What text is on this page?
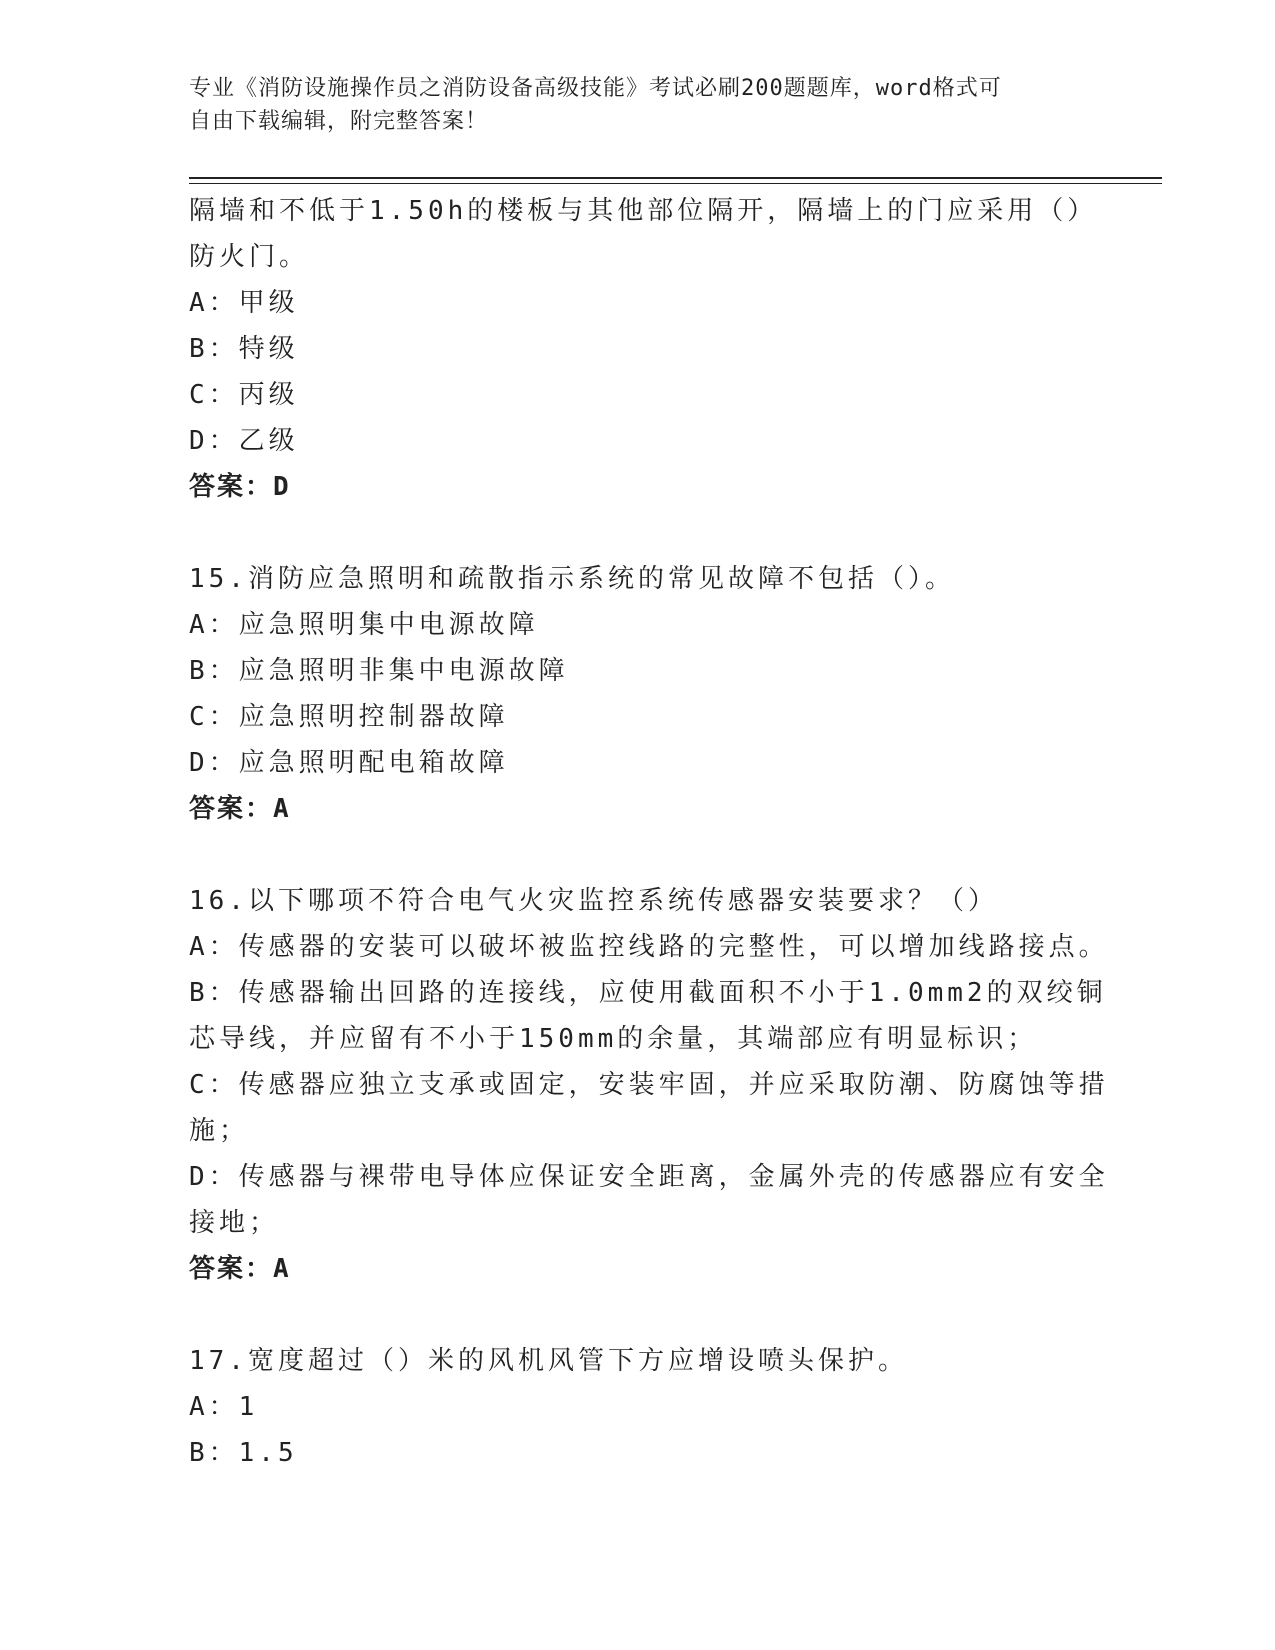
专业《消防设施操作员之消防设备高级技能》考试必刷200题题库，word格式可
自由下载编辑，附完整答案！
隔墙和不低于1.50h的楼板与其他部位隔开，隔墙上的门应采用（）
防火门。
A：甲级
B：特级
C：丙级
D：乙级
答案：D
15.消防应急照明和疏散指示系统的常见故障不包括（）。
A：应急照明集中电源故障
B：应急照明非集中电源故障
C：应急照明控制器故障
D：应急照明配电箱故障
答案：A
16.以下哪项不符合电气火灾监控系统传感器安装要求？（）
A：传感器的安装可以破坏被监控线路的完整性，可以增加线路接点。
B：传感器输出回路的连接线，应使用截面积不小于1.0mm2的双绞铜
芯导线，并应留有不小于150mm的余量，其端部应有明显标识；
C：传感器应独立支承或固定，安装牢固，并应采取防潮、防腐蚀等措
施；
D：传感器与裸带电导体应保证安全距离，金属外壳的传感器应有安全
接地；
答案：A
17.宽度超过（）米的风机风管下方应增设喷头保护。
A：1
B：1.5
